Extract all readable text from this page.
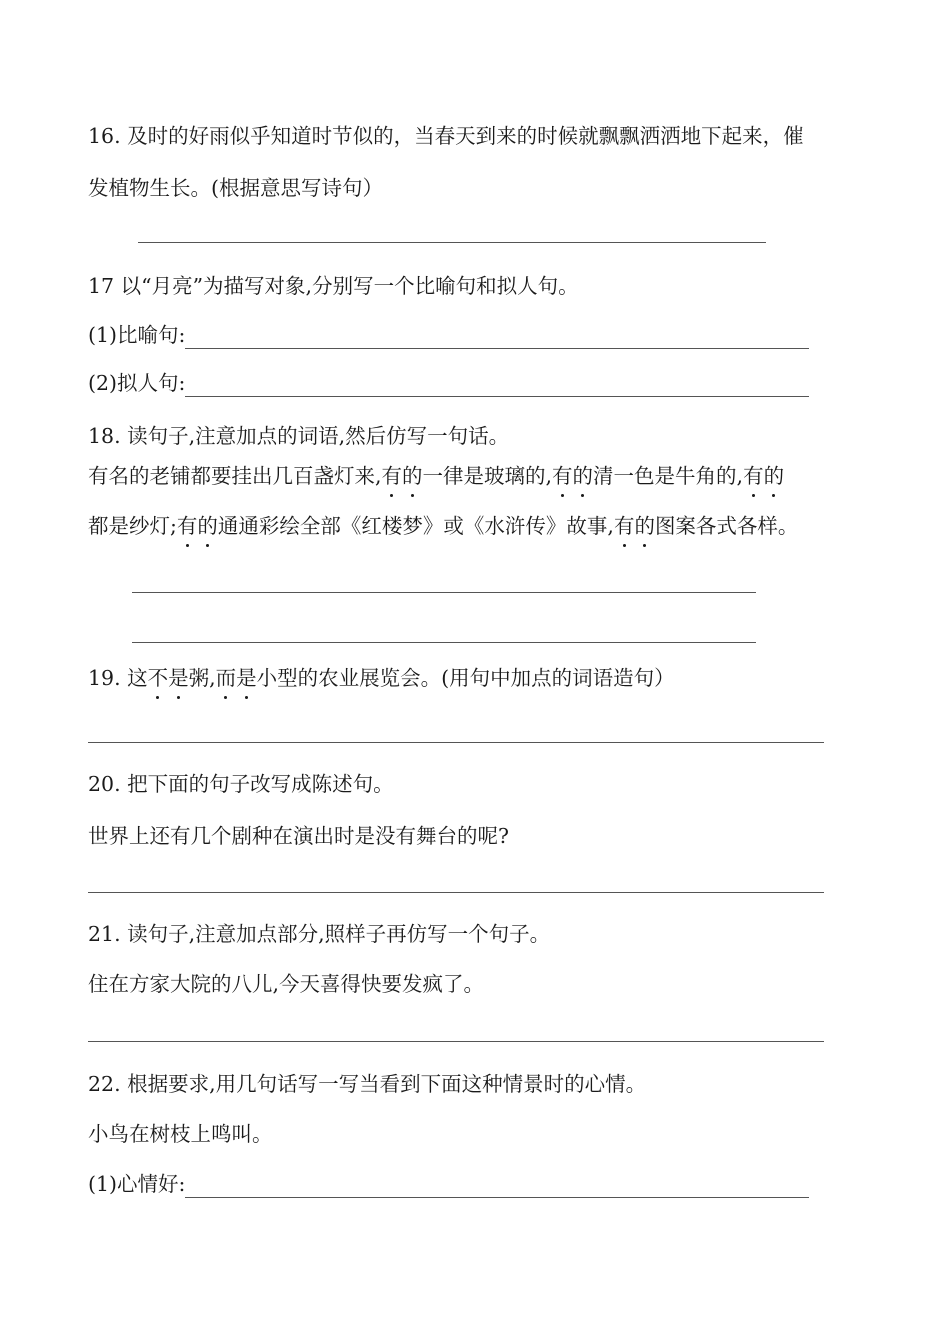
16. 及时的好雨似乎知道时节似的，当春天到来的时候就飘飘洒洒地下起来，催
发植物生长。(根据意思写诗句）
17 以“月亮”为描写对象,分别写一个比喻句和拟人句。
(1)比喻句:
(2)拟人句:
18. 读句子,注意加点的词语,然后仿写一句话。
有名的老铺都要挂出几百盏灯来,有的一律是玻璃的,有的清一色是牛角的,有的
都是纱灯;有的通通彩绘全部《红楼梦》或《水浒传》故事,有的图案各式各样。
19. 这不是粥,而是小型的农业展览会。(用句中加点的词语造句）
20. 把下面的句子改写成陈述句。
世界上还有几个剧种在演出时是没有舞台的呢?
21. 读句子,注意加点部分,照样子再仿写一个句子。
住在方家大院的八儿,今天喜得快要发疯了。
22. 根据要求,用几句话写一写当看到下面这种情景时的心情。
小鸟在树枝上鸣叫。
(1)心情好:
